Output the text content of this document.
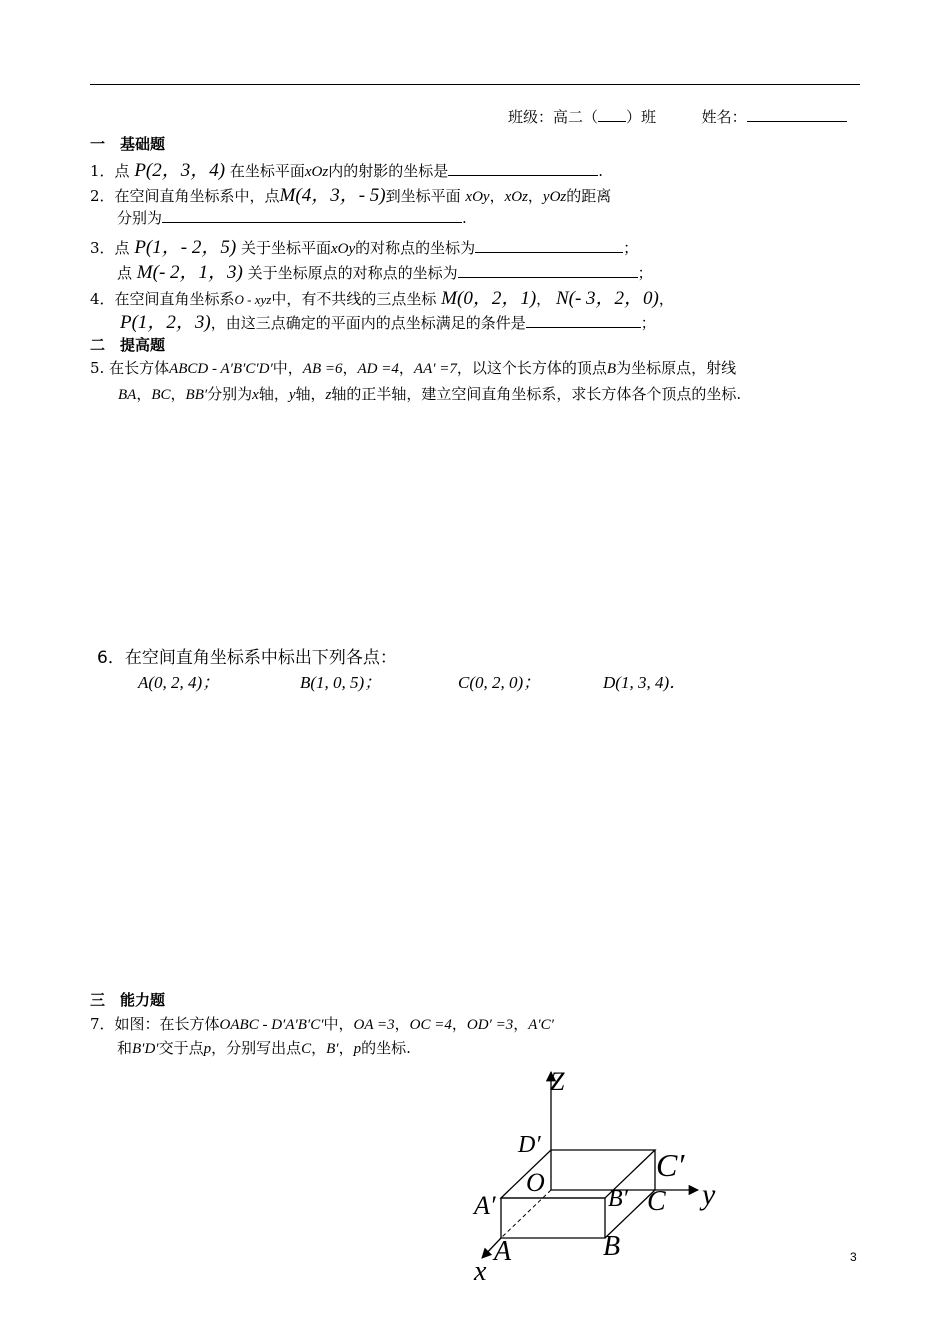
班级：高二（ ）班	姓名：
一　基础题
1．点 P(2，3，4) 在坐标平面xOz内的射影的坐标是	.
2．在空间直角坐标系中，点M(4，3，- 5)到坐标平面 xOy，xOz，yOz的距离
分别为	.
3．点 P(1，- 2，5) 关于坐标平面xOy的对称点的坐标为	；
点 M(- 2，1，3) 关于坐标原点的对称点的坐标为	；
4．在空间直角坐标系O - xyz中，有不共线的三点坐标 M(0，2，1)， N(- 3，2，0)，
P(1，2，3)，由这三点确定的平面内的点坐标满足的条件是	；
二　提高题
5. 在长方体ABCD - A′B′C′D′中，AB =6，AD =4，AA′ =7，以这个长方体的顶点B为坐标原点，射线
BA，BC，BB′分别为x轴，y轴，z轴的正半轴，建立空间直角坐标系，求长方体各个顶点的坐标.
6．在空间直角坐标系中标出下列各点：
A(0, 2, 4)；	B(1, 0, 5)；	C(0, 2, 0)；	D(1, 3, 4)．
三　能力题
7．如图：在长方体OABC - D′A′B′C′中，OA =3，OC =4，OD′ =3，A′C′
和B′D′交于点p，分别写出点C，B′，p的坐标.
Z
D′
C′
O	y
A′	B′ C
A	B
x	3
